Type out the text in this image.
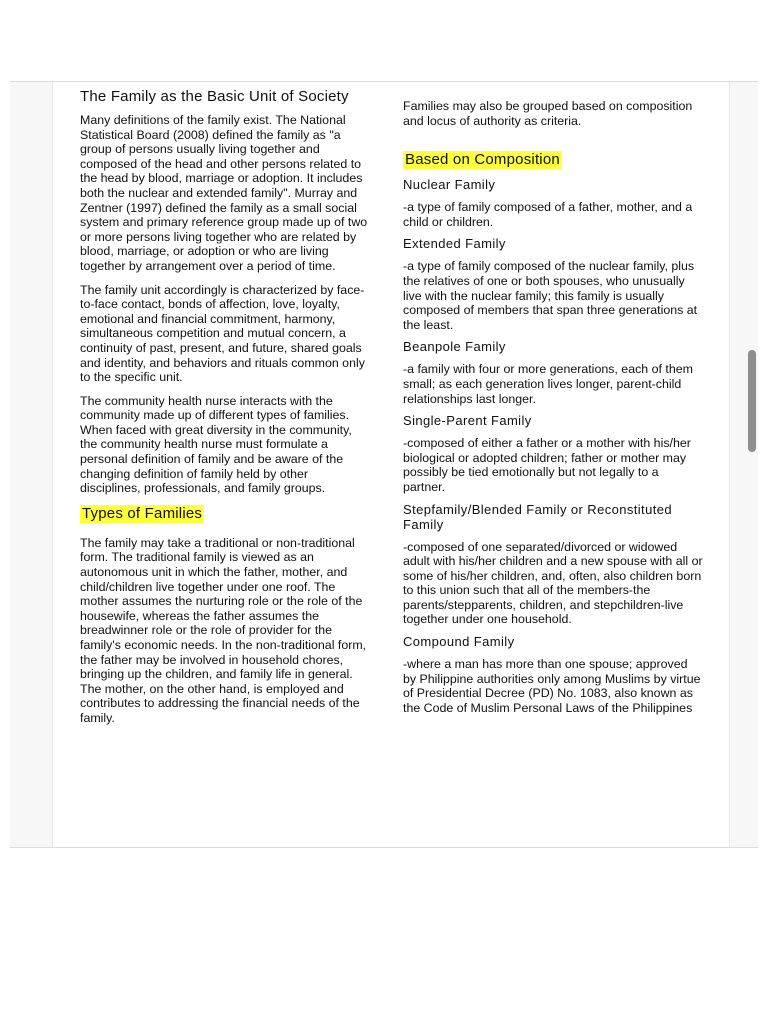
The Family as the Basic Unit of Society

Many definitions of the family exist. The National Statistical Board (2008) defined the family as "a group of persons usually living together and composed of the head and other persons related to the head by blood, marriage or adoption. It includes both the nuclear and extended family". Murray and Zentner (1997) defined the family as a small social system and primary reference group made up of two or more persons living together who are related by blood, marriage, or adoption or who are living together by arrangement over a period of time.

The family unit accordingly is characterized by face-to-face contact, bonds of affection, love, loyalty, emotional and financial commitment, harmony, simultaneous competition and mutual concern, a continuity of past, present, and future, shared goals and identity, and behaviors and rituals common only to the specific unit.

The community health nurse interacts with the community made up of different types of families. When faced with great diversity in the community, the community health nurse must formulate a personal definition of family and be aware of the changing definition of family held by other disciplines, professionals, and family groups.

Types of Families

The family may take a traditional or non-traditional form. The traditional family is viewed as an autonomous unit in which the father, mother, and child/children live together under one roof. The mother assumes the nurturing role or the role of the housewife, whereas the father assumes the breadwinner role or the role of provider for the family's economic needs. In the non-traditional form, the father may be involved in household chores, bringing up the children, and family life in general. The mother, on the other hand, is employed and contributes to addressing the financial needs of the family.

Families may also be grouped based on composition and locus of authority as criteria.

Based on Composition
Nuclear Family

-a type of family composed of a father, mother, and a child or children.

Extended Family

-a type of family composed of the nuclear family, plus the relatives of one or both spouses, who unusually live with the nuclear family; this family is usually composed of members that span three generations at the least.

Beanpole Family

-a family with four or more generations, each of them small; as each generation lives longer, parent-child relationships last longer.

Single-Parent Family

-composed of either a father or a mother with his/her biological or adopted children; father or mother may possibly be tied emotionally but not legally to a partner.

Stepfamily/Blended Family or Reconstituted Family

-composed of one separated/divorced or widowed adult with his/her children and a new spouse with all or some of his/her children, and, often, also children born to this union such that all of the members-the parents/stepparents, children, and stepchildren-live together under one household.

Compound Family

-where a man has more than one spouse; approved by Philippine authorities only among Muslims by virtue of Presidential Decree (PD) No. 1083, also known as the Code of Muslim Personal Laws of the Philippines
